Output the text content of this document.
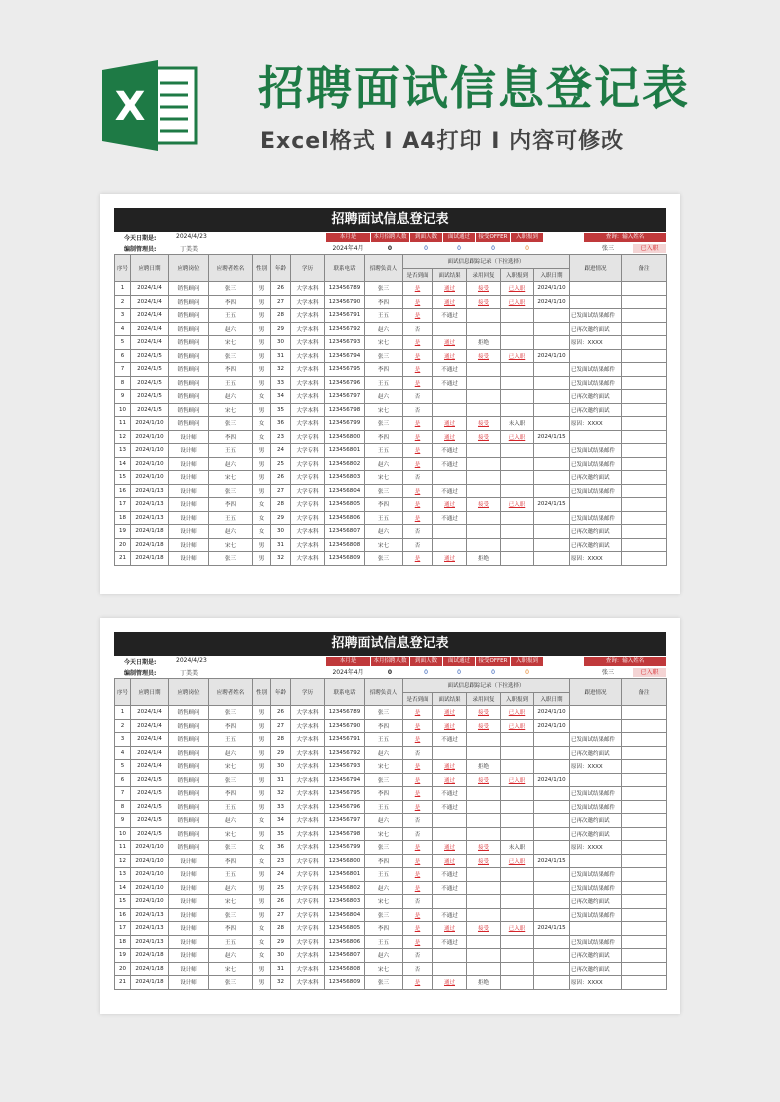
X 招聘面试信息登记表
Excel格式 I A4打印 I 内容可修改
招聘面试信息登记表
今天日期是:	2024/4/23
编制管理员:	丁美美
本月是
2024年4月
本月招聘人数
0
到面人数
0
面试通过
0
接受OFFER
0
入职报到
0
查询：输入姓名
张三	已入职
序号	应聘日期	应聘岗位	应聘者姓名	性别	年龄	学历	联系电话	招聘负责人	面试信息跟踪记录（下拉选择）					跟进情况	备注
									是否到面	面试结果	录用回复	入职报到	入职日期		
1	2024/1/4	销售顾问	张三	男	26	大学本科	123456789	张三	是	通过	接受	已入职	2024/1/10		
2	2024/1/4	销售顾问	李四	男	27	大学本科	123456790	李四	是	通过	接受	已入职	2024/1/10		
3	2024/1/4	销售顾问	王五	男	28	大学本科	123456791	王五	是	不通过				已发面试结果邮件	
4	2024/1/4	销售顾问	赵六	男	29	大学本科	123456792	赵六	否					已再次邀约面试	
5	2024/1/4	销售顾问	宋七	男	30	大学本科	123456793	宋七	是	通过	拒绝			原因：XXXX	
6	2024/1/5	销售顾问	张三	男	31	大学本科	123456794	张三	是	通过	接受	已入职	2024/1/10		
7	2024/1/5	销售顾问	李四	男	32	大学本科	123456795	李四	是	不通过				已发面试结果邮件	
8	2024/1/5	销售顾问	王五	男	33	大学本科	123456796	王五	是	不通过				已发面试结果邮件	
9	2024/1/5	销售顾问	赵六	女	34	大学本科	123456797	赵六	否					已再次邀约面试	
10	2024/1/5	销售顾问	宋七	男	35	大学本科	123456798	宋七	否					已再次邀约面试	
11	2024/1/10	销售顾问	张三	女	36	大学本科	123456799	张三	是	通过	接受	未入职		原因：XXXX	
12	2024/1/10	设计师	李四	女	23	大学专科	123456800	李四	是	通过	接受	已入职	2024/1/15		
13	2024/1/10	设计师	王五	男	24	大学专科	123456801	王五	是	不通过				已发面试结果邮件	
14	2024/1/10	设计师	赵六	男	25	大学专科	123456802	赵六	是	不通过				已发面试结果邮件	
15	2024/1/10	设计师	宋七	男	26	大学专科	123456803	宋七	否					已再次邀约面试	
16	2024/1/13	设计师	张三	男	27	大学专科	123456804	张三	是	不通过				已发面试结果邮件	
17	2024/1/13	设计师	李四	女	28	大学专科	123456805	李四	是	通过	接受	已入职	2024/1/15		
18	2024/1/13	设计师	王五	女	29	大学专科	123456806	王五	是	不通过				已发面试结果邮件	
19	2024/1/18	设计师	赵六	女	30	大学本科	123456807	赵六	否					已再次邀约面试	
20	2024/1/18	设计师	宋七	男	31	大学本科	123456808	宋七	否					已再次邀约面试	
21	2024/1/18	设计师	张三	男	32	大学本科	123456809	张三	是	通过	拒绝			原因：XXXX	
招聘面试信息登记表
今天日期是:	2024/4/23
编制管理员:	丁美美
本月是
2024年4月
本月招聘人数
0
到面人数
0
面试通过
0
接受OFFER
0
入职报到
0
查询：输入姓名
张三	已入职
序号	应聘日期	应聘岗位	应聘者姓名	性别	年龄	学历	联系电话	招聘负责人	面试信息跟踪记录（下拉选择）					跟进情况	备注
									是否到面	面试结果	录用回复	入职报到	入职日期		
1	2024/1/4	销售顾问	张三	男	26	大学本科	123456789	张三	是	通过	接受	已入职	2024/1/10		
2	2024/1/4	销售顾问	李四	男	27	大学本科	123456790	李四	是	通过	接受	已入职	2024/1/10		
3	2024/1/4	销售顾问	王五	男	28	大学本科	123456791	王五	是	不通过				已发面试结果邮件	
4	2024/1/4	销售顾问	赵六	男	29	大学本科	123456792	赵六	否					已再次邀约面试	
5	2024/1/4	销售顾问	宋七	男	30	大学本科	123456793	宋七	是	通过	拒绝			原因：XXXX	
6	2024/1/5	销售顾问	张三	男	31	大学本科	123456794	张三	是	通过	接受	已入职	2024/1/10		
7	2024/1/5	销售顾问	李四	男	32	大学本科	123456795	李四	是	不通过				已发面试结果邮件	
8	2024/1/5	销售顾问	王五	男	33	大学本科	123456796	王五	是	不通过				已发面试结果邮件	
9	2024/1/5	销售顾问	赵六	女	34	大学本科	123456797	赵六	否					已再次邀约面试	
10	2024/1/5	销售顾问	宋七	男	35	大学本科	123456798	宋七	否					已再次邀约面试	
11	2024/1/10	销售顾问	张三	女	36	大学本科	123456799	张三	是	通过	接受	未入职		原因：XXXX	
12	2024/1/10	设计师	李四	女	23	大学专科	123456800	李四	是	通过	接受	已入职	2024/1/15		
13	2024/1/10	设计师	王五	男	24	大学专科	123456801	王五	是	不通过				已发面试结果邮件	
14	2024/1/10	设计师	赵六	男	25	大学专科	123456802	赵六	是	不通过				已发面试结果邮件	
15	2024/1/10	设计师	宋七	男	26	大学专科	123456803	宋七	否					已再次邀约面试	
16	2024/1/13	设计师	张三	男	27	大学专科	123456804	张三	是	不通过				已发面试结果邮件	
17	2024/1/13	设计师	李四	女	28	大学专科	123456805	李四	是	通过	接受	已入职	2024/1/15		
18	2024/1/13	设计师	王五	女	29	大学专科	123456806	王五	是	不通过				已发面试结果邮件	
19	2024/1/18	设计师	赵六	女	30	大学本科	123456807	赵六	否					已再次邀约面试	
20	2024/1/18	设计师	宋七	男	31	大学本科	123456808	宋七	否					已再次邀约面试	
21	2024/1/18	设计师	张三	男	32	大学本科	123456809	张三	是	通过	拒绝			原因：XXXX	
